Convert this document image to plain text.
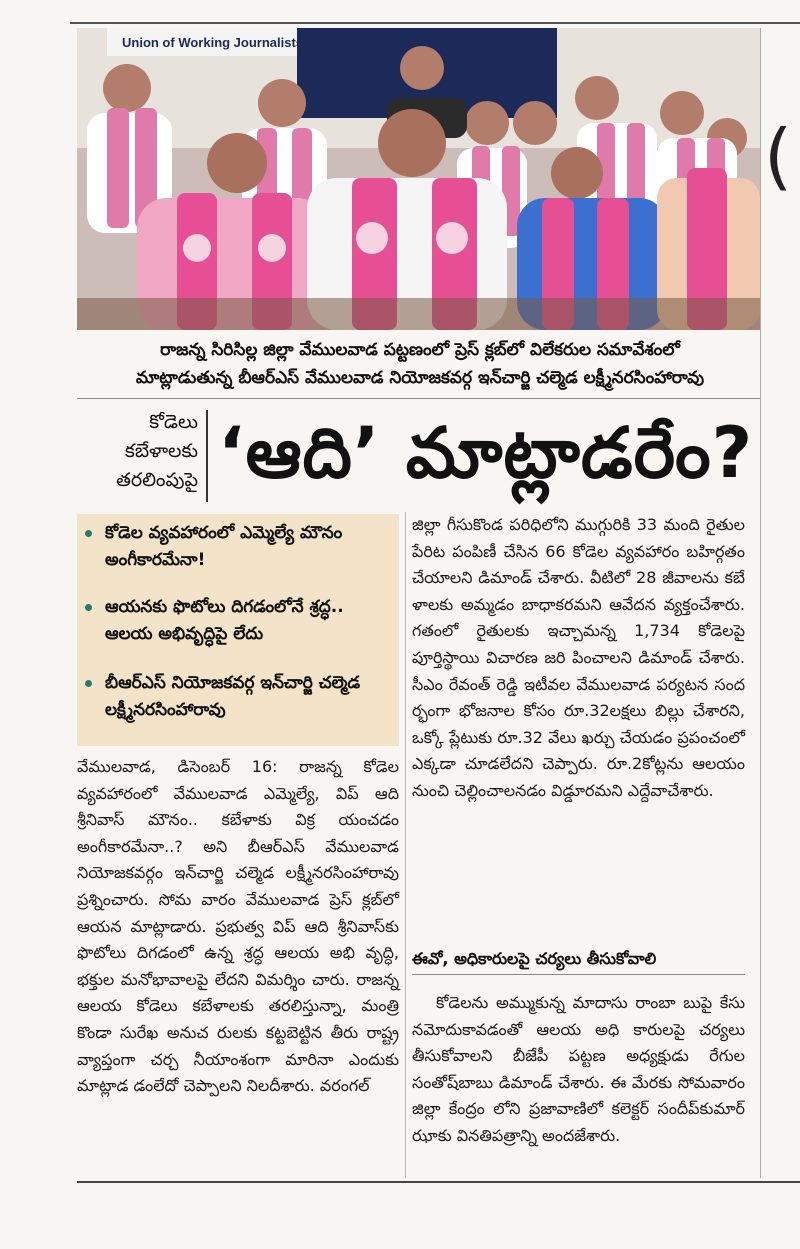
Union of Working Journalists
(
రాజన్న సిరిసిల్ల జిల్లా వేములవాడ పట్టణంలో ప్రెస్ క్లబ్‌లో విలేకరుల సమావేశంలో
మాట్లాడుతున్న బీఆర్ఎస్ వేములవాడ నియోజకవర్గ ఇన్‌చార్జి చల్మెడ లక్ష్మీనరసింహారావు
కోడెలు
కబేళాలకు
తరలింపుపై ‘ఆది’ మాట్లాడరేం?
కోడెల వ్యవహారంలో ఎమ్మెల్యే మౌనం అంగీకారమేనా!
ఆయనకు ఫొటోలు దిగడంలోనే శ్రద్ధ.. ఆలయ అభివృద్ధిపై లేదు
బీఆర్ఎస్ నియోజకవర్గ ఇన్‌చార్జి చల్మెడ లక్ష్మీనరసింహారావు
వేములవాడ, డిసెంబర్ 16: రాజన్న కోడెల వ్యవహారంలో వేములవాడ ఎమ్మెల్యే, విప్ ఆది శ్రీనివాస్ మౌనం.. కబేళాకు విక్ర యంచడం అంగీకారమేనా..? అని బీఆర్ఎస్ వేములవాడ నియోజకవర్గం ఇన్‌చార్జి చల్మెడ లక్ష్మీనరసింహారావు ప్రశ్నించారు. సోమ వారం వేములవాడ ప్రెస్ క్లబ్‌లో ఆయన మాట్లాడారు. ప్రభుత్వ విప్ ఆది శ్రీనివాస్‌కు ఫొటోలు దిగడంలో ఉన్న శ్రద్ధ ఆలయ అభి వృద్ధి, భక్తుల మనోభావాలపై లేదని విమర్శిం చారు. రాజన్న ఆలయ కోడెలు కబేళాలకు తరలిస్తున్నా, మంత్రి కొండా సురేఖ అనుచ రులకు కట్టబెట్టిన తీరు రాష్ట్ర వ్యాప్తంగా చర్చ నీయాంశంగా మారినా ఎందుకు మాట్లాడ డంలేదో చెప్పాలని నిలదీశారు. వరంగల్
జిల్లా గీసుకొండ పరిధిలోని ముగ్గురికి 33 మంది రైతుల పేరిట పంపిణీ చేసిన 66 కోడెల వ్యవహారం బహిర్గతం చేయాలని డిమాండ్ చేశారు. వీటిలో 28 జీవాలను కబే ళాలకు అమ్మడం బాధాకరమని ఆవేదన వ్యక్తంచేశారు. గతంలో రైతులకు ఇచ్చామన్న 1,734 కోడెలపై పూర్తిస్థాయి విచారణ జరి పించాలని డిమాండ్ చేశారు. సీఎం రేవంత్ రెడ్డి ఇటీవల వేములవాడ పర్యటన సంద ర్భంగా భోజనాల కోసం రూ.32లక్షలు బిల్లు చేశారని, ఒక్కో ప్లేటుకు రూ.32 వేలు ఖర్చు చేయడం ప్రపంచంలో ఎక్కడా చూడలేదని చెప్పారు. రూ.2కోట్లను ఆలయం నుంచి చెల్లించాలనడం విడ్డూరమని ఎద్దేవాచేశారు.
ఈవో, అధికారులపై చర్యలు తీసుకోవాలి
కోడెలను అమ్ముకున్న మాదాసు రాంబా బుపై కేసు నమోదుకావడంతో ఆలయ అధి కారులపై చర్యలు తీసుకోవాలని బీజేపీ పట్టణ అధ్యక్షుడు రేగుల సంతోష్‌బాబు డిమాండ్ చేశారు. ఈ మేరకు సోమవారం జిల్లా కేంద్రం లోని ప్రజావాణిలో కలెక్టర్ సందీప్‌కుమార్ ఝాకు వినతిపత్రాన్ని అందజేశారు.
